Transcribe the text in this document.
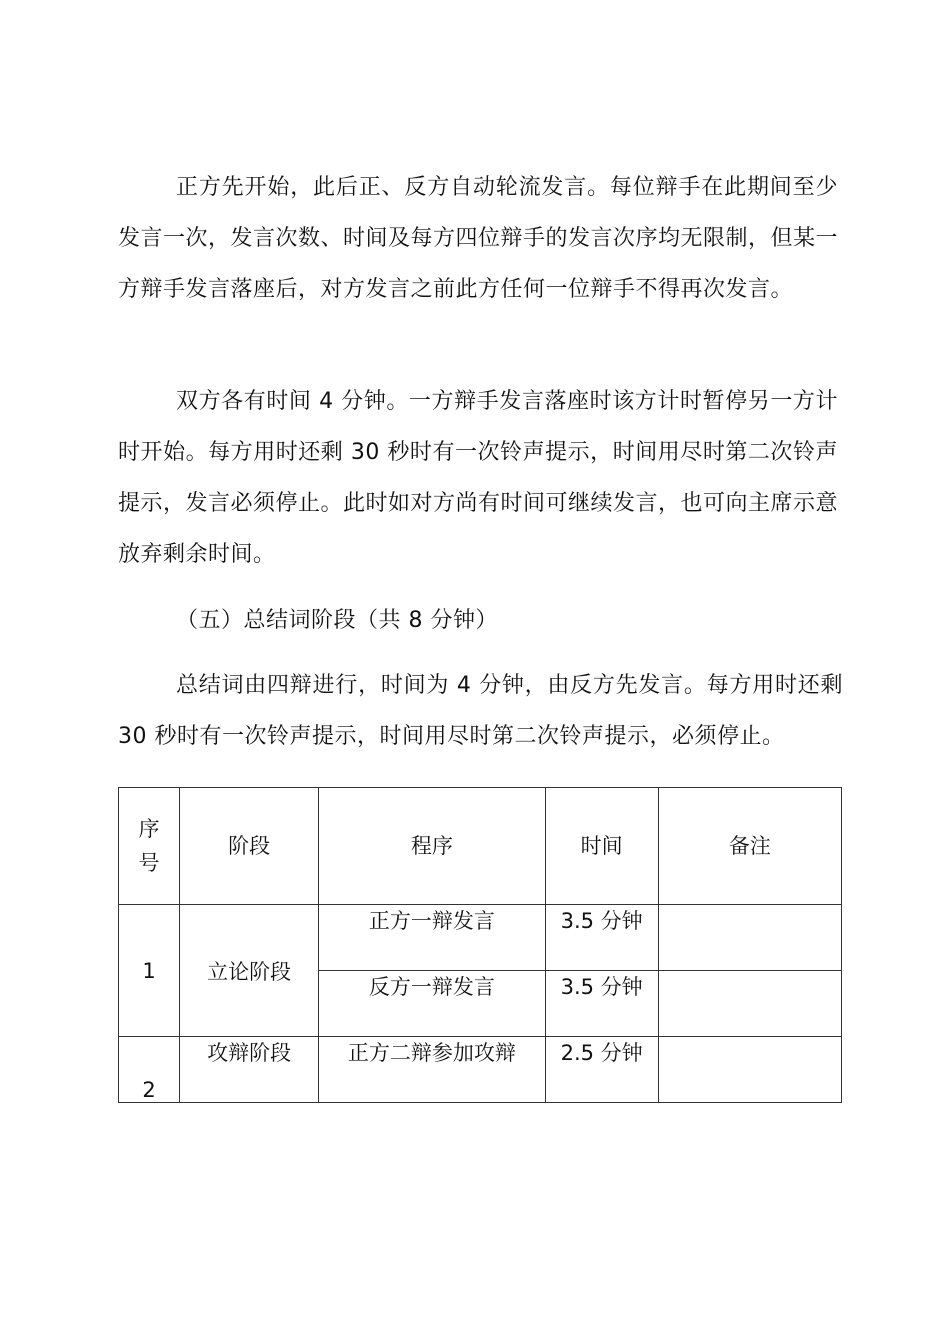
正方先开始，此后正、反方自动轮流发言。每位辩手在此期间至少发言一次，发言次数、时间及每方四位辩手的发言次序均无限制，但某一方辩手发言落座后，对方发言之前此方任何一位辩手不得再次发言。

双方各有时间 4 分钟。一方辩手发言落座时该方计时暂停另一方计时开始。每方用时还剩 30 秒时有一次铃声提示，时间用尽时第二次铃声提示，发言必须停止。此时如对方尚有时间可继续发言，也可向主席示意放弃剩余时间。

（五）总结词阶段（共 8 分钟）

总结词由四辩进行，时间为 4 分钟，由反方先发言。每方用时还剩 30 秒时有一次铃声提示，时间用尽时第二次铃声提示，必须停止。

序
号	阶段	程序	时间	备注
1	立论阶段	正方一辩发言	3.5 分钟	
		反方一辩发言	3.5 分钟	
2	攻辩阶段	正方二辩参加攻辩	2.5 分钟	
